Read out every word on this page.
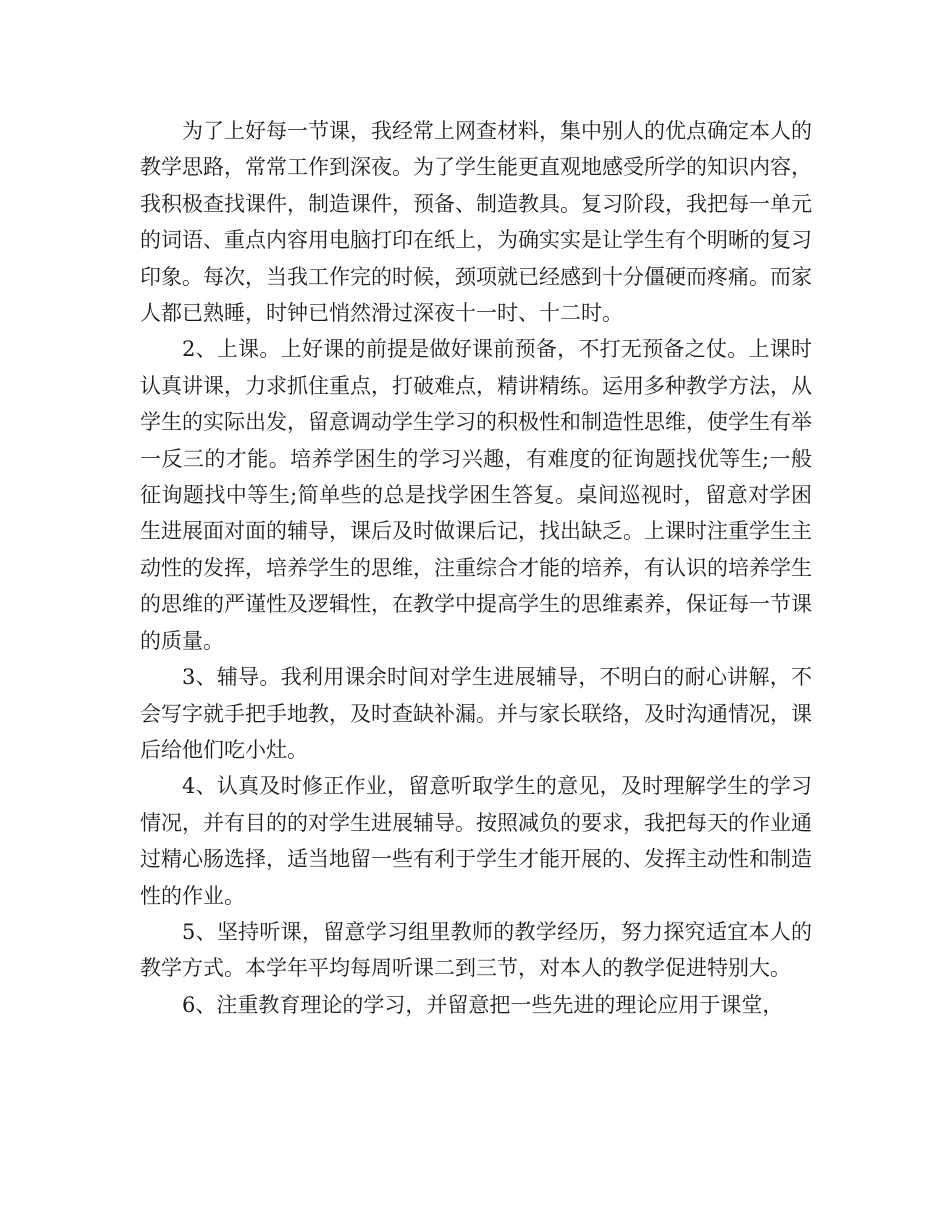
为了上好每一节课，我经常上网查材料，集中别人的优点确定本人的教学思路，常常工作到深夜。为了学生能更直观地感受所学的知识内容，我积极查找课件，制造课件，预备、制造教具。复习阶段，我把每一单元的词语、重点内容用电脑打印在纸上，为确实实是让学生有个明晰的复习印象。每次，当我工作完的时候，颈项就已经感到十分僵硬而疼痛。而家人都已熟睡，时钟已悄然滑过深夜十一时、十二时。

2、上课。上好课的前提是做好课前预备，不打无预备之仗。上课时认真讲课，力求抓住重点，打破难点，精讲精练。运用多种教学方法，从学生的实际出发，留意调动学生学习的积极性和制造性思维，使学生有举一反三的才能。培养学困生的学习兴趣，有难度的征询题找优等生;一般征询题找中等生;简单些的总是找学困生答复。桌间巡视时，留意对学困生进展面对面的辅导，课后及时做课后记，找出缺乏。上课时注重学生主动性的发挥，培养学生的思维，注重综合才能的培养，有认识的培养学生的思维的严谨性及逻辑性，在教学中提高学生的思维素养，保证每一节课的质量。

3、辅导。我利用课余时间对学生进展辅导，不明白的耐心讲解，不会写字就手把手地教，及时查缺补漏。并与家长联络，及时沟通情况，课后给他们吃小灶。

4、认真及时修正作业，留意听取学生的意见，及时理解学生的学习情况，并有目的的对学生进展辅导。按照减负的要求，我把每天的作业通过精心肠选择，适当地留一些有利于学生才能开展的、发挥主动性和制造性的作业。

5、坚持听课，留意学习组里教师的教学经历，努力探究适宜本人的教学方式。本学年平均每周听课二到三节，对本人的教学促进特别大。

6、注重教育理论的学习，并留意把一些先进的理论应用于课堂，
